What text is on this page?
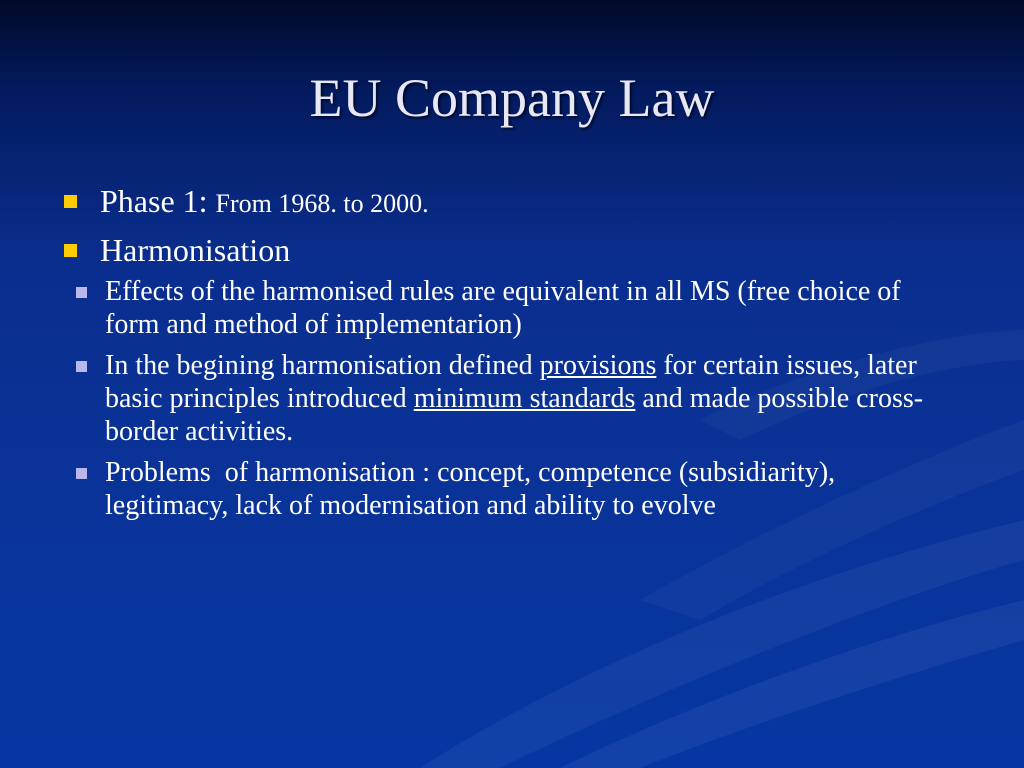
EU Company Law
Phase 1: From 1968. to 2000.
Harmonisation
Effects of the harmonised rules are equivalent in all MS (free choice of form and method of implementarion)
In the begining harmonisation defined provisions for certain issues, later basic principles introduced minimum standards and made possible cross-border activities.
Problems  of harmonisation : concept, competence (subsidiarity), legitimacy, lack of modernisation and ability to evolve
